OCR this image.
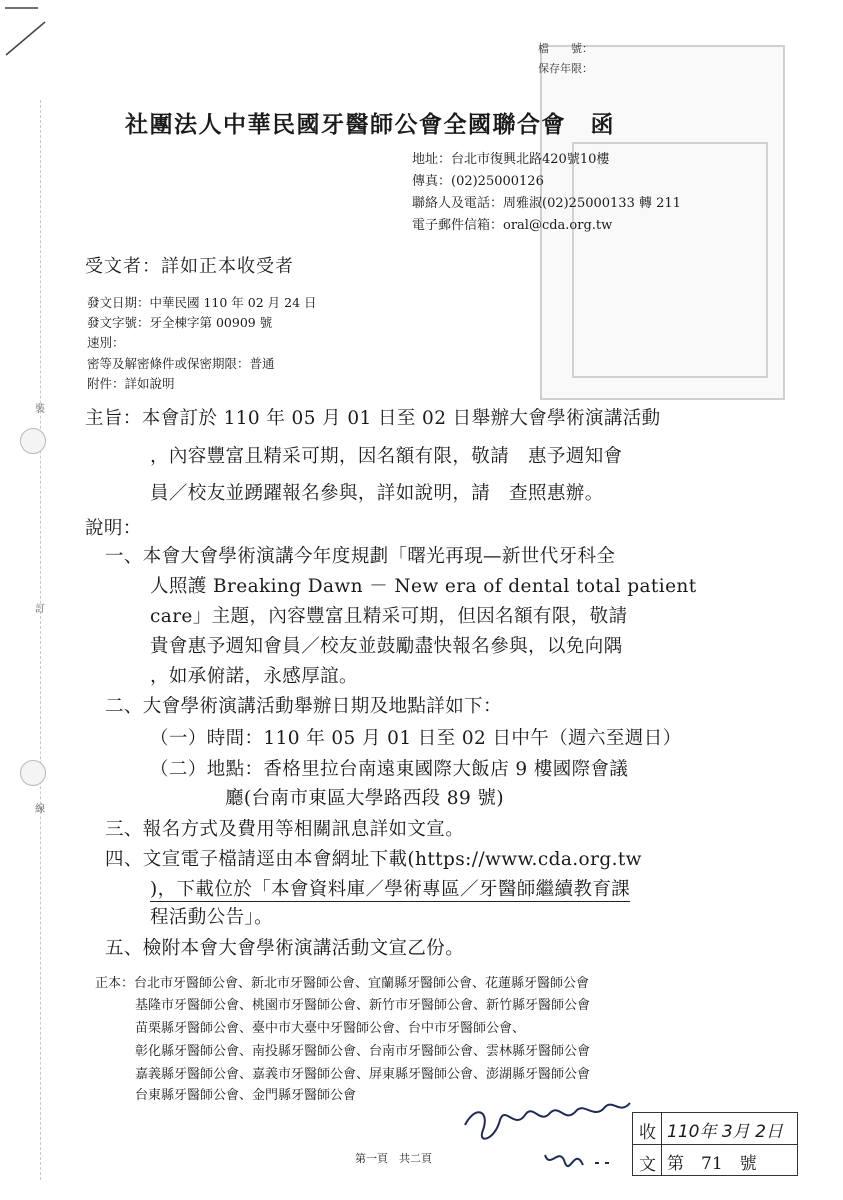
裝
訂
線
檔　　號：
保存年限：
社團法人中華民國牙醫師公會全國聯合會　函
地址：台北市復興北路420號10樓
傳真：(02)25000126
聯絡人及電話：周雅淑(02)25000133 轉 211
電子郵件信箱：oral@cda.org.tw
受文者：詳如正本收受者
發文日期：中華民國 110 年 02 月 24 日
發文字號：牙全棟字第 00909 號
速別：
密等及解密條件或保密期限：普通
附件：詳如說明
主旨：本會訂於 110 年 05 月 01 日至 02 日舉辦大會學術演講活動
，內容豐富且精采可期，因名額有限，敬請　惠予週知會
員／校友並踴躍報名參與，詳如說明，請　查照惠辦。
說明：
一、本會大會學術演講今年度規劃「曙光再現—新世代牙科全
人照護 Breaking Dawn － New era of dental total patient
care」主題，內容豐富且精采可期，但因名額有限，敬請
貴會惠予週知會員／校友並鼓勵盡快報名參與，以免向隅
，如承俯諾，永感厚誼。
二、大會學術演講活動舉辦日期及地點詳如下：
（一）時間：110 年 05 月 01 日至 02 日中午（週六至週日）
（二）地點：香格里拉台南遠東國際大飯店 9 樓國際會議
廳(台南市東區大學路西段 89 號)
三、報名方式及費用等相關訊息詳如文宣。
四、文宣電子檔請逕由本會網址下載(https://www.cda.org.tw
)，下載位於「本會資料庫／學術專區／牙醫師繼續教育課
程活動公告」。
五、檢附本會大會學術演講活動文宣乙份。
正本：台北市牙醫師公會、新北市牙醫師公會、宜蘭縣牙醫師公會、花蓮縣牙醫師公會
基隆市牙醫師公會、桃園市牙醫師公會、新竹市牙醫師公會、新竹縣牙醫師公會
苗栗縣牙醫師公會、臺中市大臺中牙醫師公會、台中市牙醫師公會、
彰化縣牙醫師公會、南投縣牙醫師公會、台南市牙醫師公會、雲林縣牙醫師公會
嘉義縣牙醫師公會、嘉義市牙醫師公會、屏東縣牙醫師公會、澎湖縣牙醫師公會
台東縣牙醫師公會、金門縣牙醫師公會
收
文
110年 3月 2日
第　71　號
第一頁　共二頁
